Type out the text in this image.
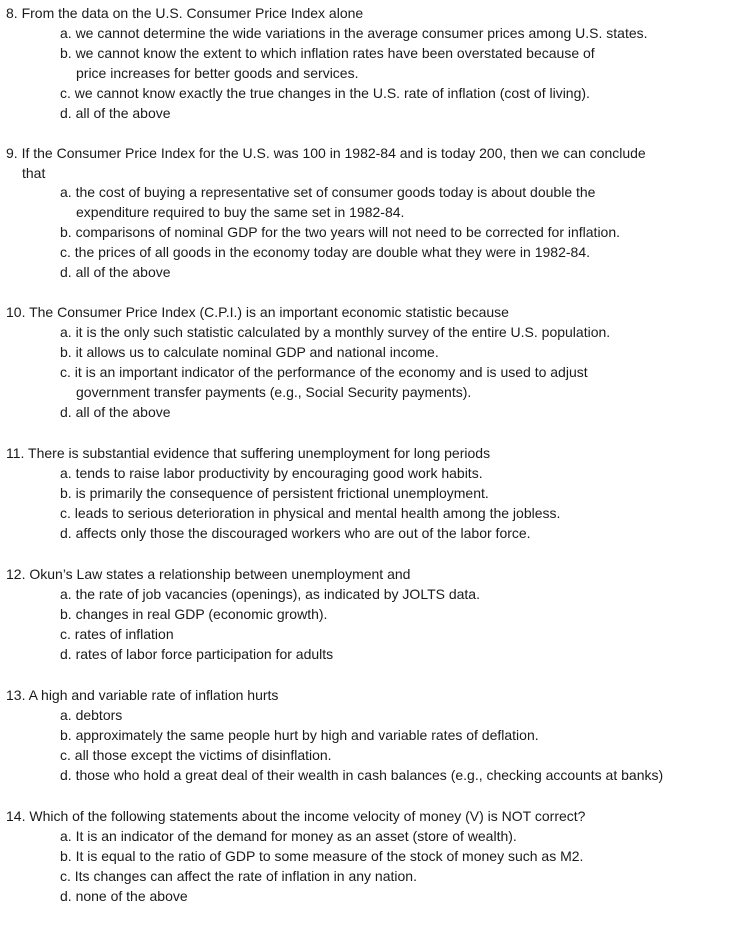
8. From the data on the U.S. Consumer Price Index alone
a. we cannot determine the wide variations in the average consumer prices among U.S. states.
b. we cannot know the extent to which inflation rates have been overstated because of
price increases for better goods and services.
c. we cannot know exactly the true changes in the U.S. rate of inflation (cost of living).
d. all of the above
9. If the Consumer Price Index for the U.S. was 100 in 1982-84 and is today 200, then we can conclude
that
a. the cost of buying a representative set of consumer goods today is about double the
expenditure required to buy the same set in 1982-84.
b. comparisons of nominal GDP for the two years will not need to be corrected for inflation.
c. the prices of all goods in the economy today are double what they were in 1982-84.
d. all of the above
10. The Consumer Price Index (C.P.I.) is an important economic statistic because
a. it is the only such statistic calculated by a monthly survey of the entire U.S. population.
b. it allows us to calculate nominal GDP and national income.
c. it is an important indicator of the performance of the economy and is used to adjust
government transfer payments (e.g., Social Security payments).
d. all of the above
11. There is substantial evidence that suffering unemployment for long periods
a. tends to raise labor productivity by encouraging good work habits.
b. is primarily the consequence of persistent frictional unemployment.
c. leads to serious deterioration in physical and mental health among the jobless.
d. affects only those the discouraged workers who are out of the labor force.
12. Okun’s Law states a relationship between unemployment and
a. the rate of job vacancies (openings), as indicated by JOLTS data.
b. changes in real GDP (economic growth).
c. rates of inflation
d. rates of labor force participation for adults
13. A high and variable rate of inflation hurts
a. debtors
b. approximately the same people hurt by high and variable rates of deflation.
c. all those except the victims of disinflation.
d. those who hold a great deal of their wealth in cash balances (e.g., checking accounts at banks)
14. Which of the following statements about the income velocity of money (V) is NOT correct?
a. It is an indicator of the demand for money as an asset (store of wealth).
b. It is equal to the ratio of GDP to some measure of the stock of money such as M2.
c. Its changes can affect the rate of inflation in any nation.
d. none of the above
